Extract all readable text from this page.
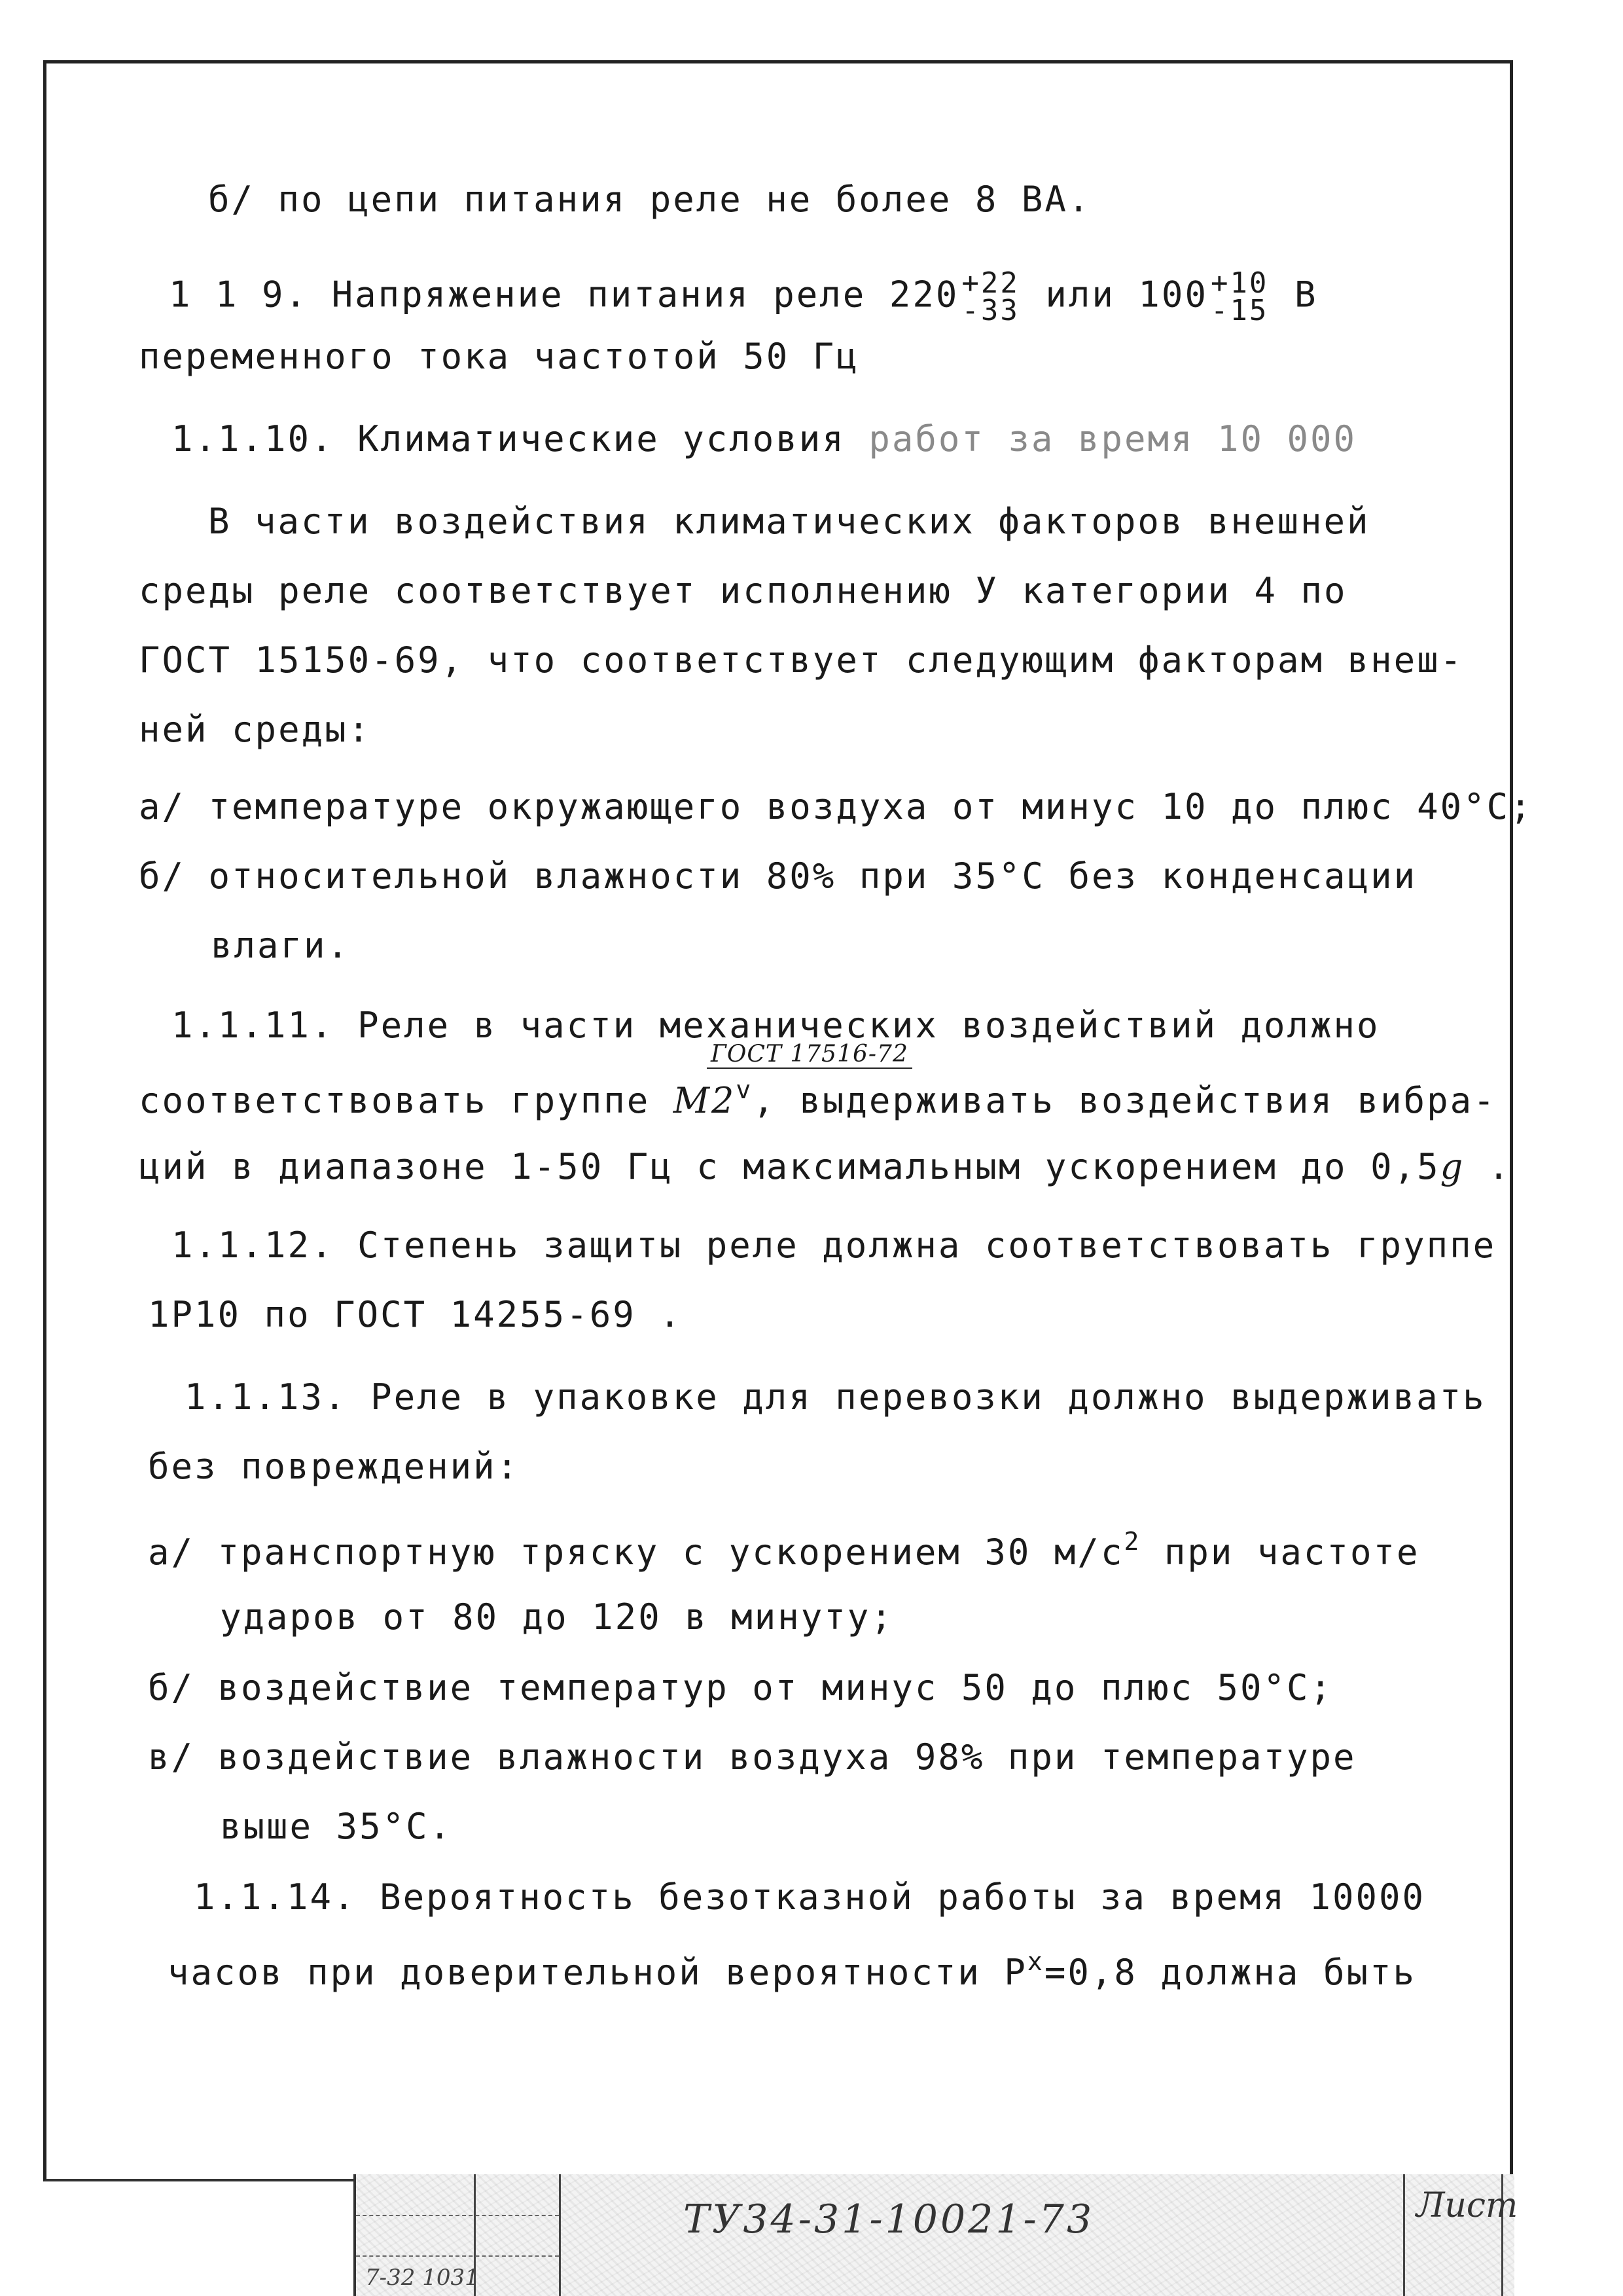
б/ по цепи питания реле не более 8 ВА.
1 1 9. Напряжение питания реле 220 +22
-33 или 100 +10
-15 В
переменного тока частотой 50 Гц
1.1.10. Климатические условия работ за время 10 000
В части воздействия климатических факторов внешней
среды реле соответствует исполнению У категории 4 по
ГОСТ 15150-69, что соответствует следующим факторам внеш-
ней среды:
а/ температуре окружающего воздуха от минус 10 до плюс 40°С;
б/ относительной влажности 80% при 35°С без конденсации
влаги.
1.1.11. Реле в части механических воздействий должно
ГОСТ 17516-72
соответствовать группе М2$^v$, выдерживать воздействия вибра-
ций в диапазоне 1-50 Гц с максимальным ускорением до 0,5g .
1.1.12. Степень защиты реле должна соответствовать группе
1Р10 по ГОСТ 14255-69 .
1.1.13. Реле в упаковке для перевозки должно выдерживать
без повреждений:
а/ транспортную тряску с ускорением 30 $м/с^2$ при частоте
ударов от 80 до 120 в минуту;
б/ воздействие температур от минус 50 до плюс 50°С;
в/ воздействие влажности воздуха 98% при температуре
выше 35°С.
1.1.14. Вероятность безотказной работы за время 10000
часов при доверительной вероятности $Р^х=0,8$ должна быть
ТУ34-31-10021-73	Лист
7-32 1031
